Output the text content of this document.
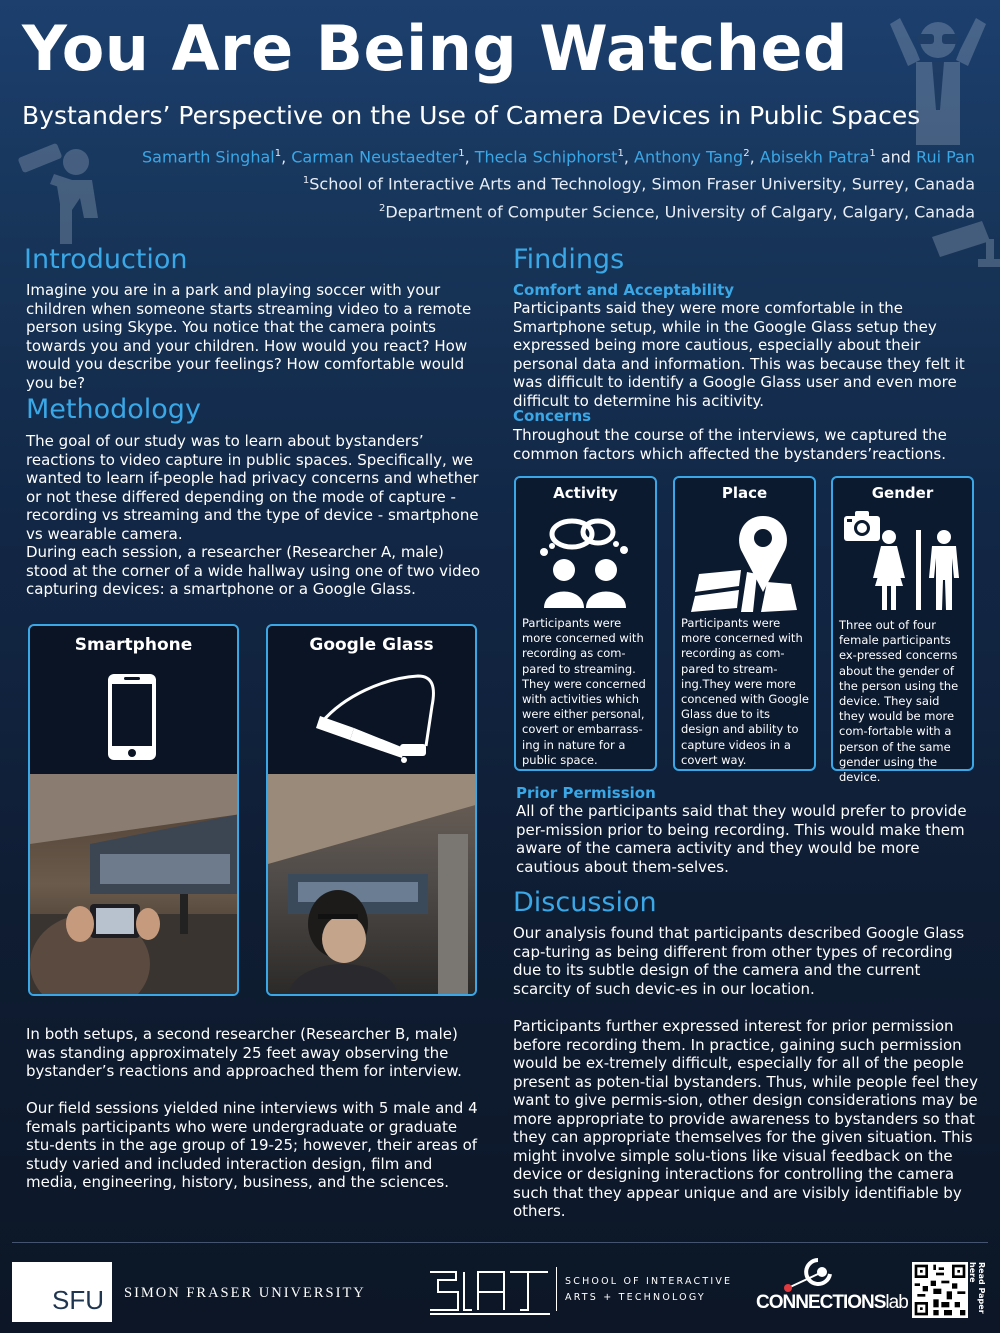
You Are Being Watched
Bystanders’ Perspective on the Use of Camera Devices in Public Spaces
Samarth Singhal$^1$, Carman Neustaedter$^1$, Thecla Schiphorst$^1$, Anthony Tang$^2$, Abisekh Patra$^1$ and Rui Pan
$^1$School of Interactive Arts and Technology, Simon Fraser University, Surrey, Canada
$^2$Department of Computer Science, University of Calgary, Calgary, Canada
Introduction
Imagine you are in a park and playing soccer with your children when someone starts streaming video to a remote person using Skype. You notice that the camera points towards you and your children. How would you react? How would you describe your feelings? How comfortable would you be?
Methodology
The goal of our study was to learn about bystanders’ reactions to video capture in public spaces. Specifically, we wanted to learn if-people had privacy concerns and whether or not these differed depending on the mode of capture - recording vs streaming and the type of device - smartphone vs wearable camera.
During each session, a researcher (Researcher A, male) stood at the corner of a wide hallway using one of two video capturing devices: a smartphone or a Google Glass.
Smartphone	Google Glass
In both setups, a second researcher (Researcher B, male) was standing approximately 25 feet away observing the bystander’s reactions and approached them for interview.
Our field sessions yielded nine interviews with 5 male and 4 femals participants who were undergraduate or graduate stu-dents in the age group of 19-25; however, their areas of study varied and included interaction design, film and media, engineering, history, business, and the sciences.
Findings
Comfort and Acceptability
Participants said they were more comfortable in the Smartphone setup, while in the Google Glass setup they expressed being more cautious, especially about their personal data and information. This was because they felt it was difficult to identify a Google Glass user and even more difficult to determine his acitivity.
Concerns
Throughout the course of the interviews, we captured the common factors which affected the bystanders’reactions.
Activity
Participants were more concerned with recording as com-pared to streaming. They were concerned with activities which were either personal, covert or embarrass-ing in nature for a public space.
Place
Participants were more concerned with recording as com-pared to stream-ing.They were more concened with Google Glass due to its design and ability to capture videos in a covert way.
Gender
Three out of four female participants ex-pressed concerns about the gender of the person using the device. They said they would be more com-fortable with a person of the same gender using the device.
Prior Permission
All of the participants said that they would prefer to provide per-mission prior to being recording. This would make them aware of the camera activity and they would be more cautious about them-selves.
Discussion
Our analysis found that participants described Google Glass cap-turing as being different from other types of recording due to its subtle design of the camera and the current scarcity of such devic-es in our location.
Participants further expressed interest for prior permission before recording them. In practice, gaining such permission would be ex-tremely difficult, especially for all of the people present as poten-tial bystanders. Thus, while people feel they want to give permis-sion, other design considerations may be more appropriate to provide awareness to bystanders so that they can appropriate themselves for the given situation. This might involve simple solu-tions like visual feedback on the device or designing interactions for controlling the camera such that they appear unique and are visibly identifiable by others.
SFU SIMON FRASER UNIVERSITY
SCHOOL OF INTERACTIVE
ARTS + TECHNOLOGY	CONNECTIONSlab	Read Paper here
